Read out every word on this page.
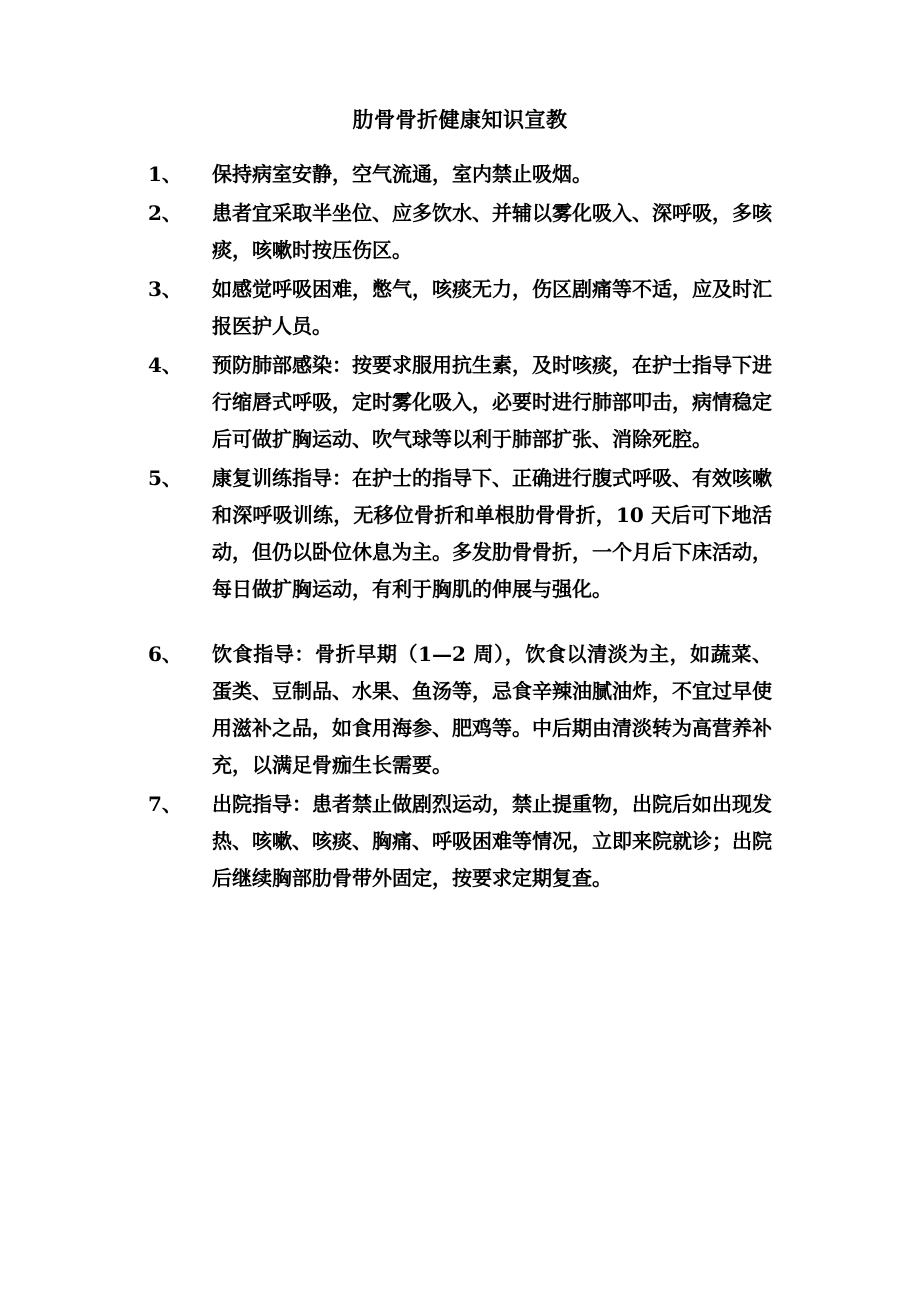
肋骨骨折健康知识宣教
1、	保持病室安静，空气流通，室内禁止吸烟。
2、	患者宜采取半坐位、应多饮水、并辅以雾化吸入、深呼吸，多咳痰，咳嗽时按压伤区。
3、	如感觉呼吸困难，憋气，咳痰无力，伤区剧痛等不适，应及时汇报医护人员。
4、	预防肺部感染：按要求服用抗生素，及时咳痰，在护士指导下进行缩唇式呼吸，定时雾化吸入，必要时进行肺部叩击，病情稳定后可做扩胸运动、吹气球等以利于肺部扩张、消除死腔。
5、	康复训练指导：在护士的指导下、正确进行腹式呼吸、有效咳嗽和深呼吸训练，无移位骨折和单根肋骨骨折，10 天后可下地活动，但仍以卧位休息为主。多发肋骨骨折，一个月后下床活动，每日做扩胸运动，有利于胸肌的伸展与强化。
6、	饮食指导：骨折早期（1—2 周），饮食以清淡为主，如蔬菜、蛋类、豆制品、水果、鱼汤等，忌食辛辣油腻油炸，不宜过早使用滋补之品，如食用海参、肥鸡等。中后期由清淡转为高营养补充，以满足骨痂生长需要。
7、	出院指导：患者禁止做剧烈运动，禁止提重物，出院后如出现发热、咳嗽、咳痰、胸痛、呼吸困难等情况，立即来院就诊；出院后继续胸部肋骨带外固定，按要求定期复查。
